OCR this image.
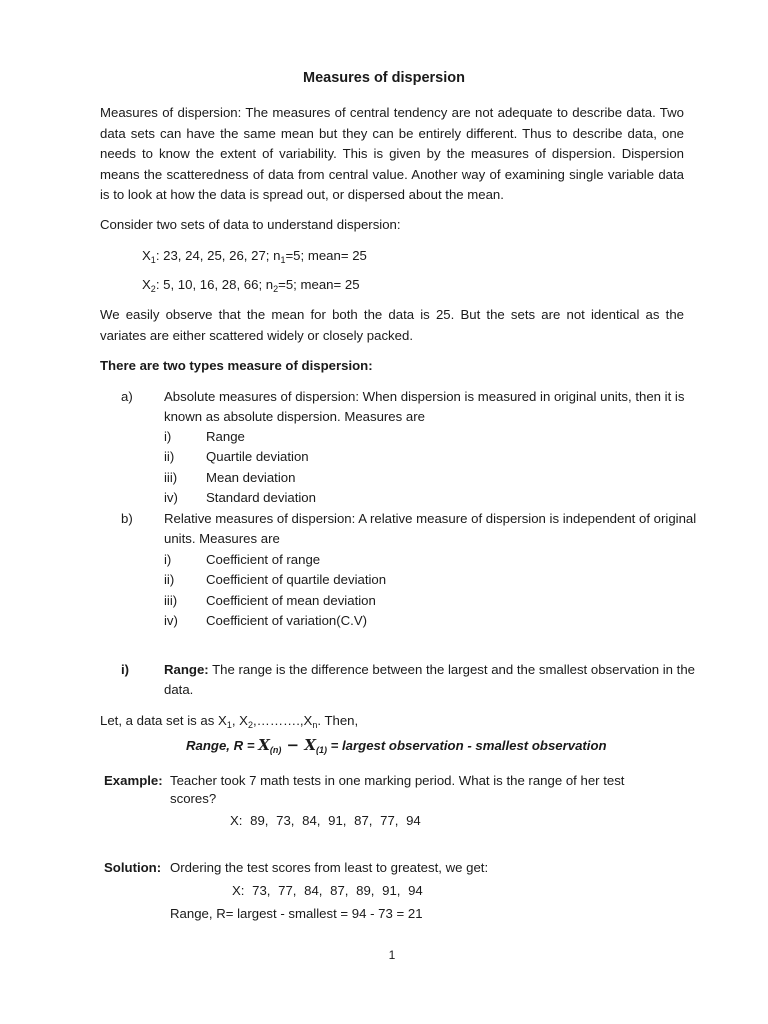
Measures of dispersion
Measures of dispersion: The measures of central tendency are not adequate to describe data. Two data sets can have the same mean but they can be entirely different. Thus to describe data, one needs to know the extent of variability. This is given by the measures of dispersion. Dispersion means the scatteredness of data from central value. Another way of examining single variable data is to look at how the data is spread out, or dispersed about the mean.
Consider two sets of data to understand dispersion:
$X_1$: 23, 24, 25, 26, 27; $n_1=5$; mean= 25
$X_2$: 5, 10, 16, 28, 66; $n_2=5$; mean= 25
We easily observe that the mean for both the data is 25. But the sets are not identical as the variates are either scattered widely or closely packed.
There are two types measure of dispersion:
a) Absolute measures of dispersion: When dispersion is measured in original units, then it is
known as absolute dispersion. Measures are
i)	Range
ii) Quartile deviation
iii) Mean deviation
iv) Standard deviation
b) Relative measures of dispersion: A relative measure of dispersion is independent of original
units. Measures are
i)	Coefficient of range
ii) Coefficient of quartile deviation
iii) Coefficient of mean deviation
iv) Coefficient of variation(C.V)
i)	Range: The range is the difference between the largest and the smallest observation in the
data.
Let, a data set is as $X_1$, $X_2,\dots\dots\dots.,X_n$. Then,
Range, $R = X_{(n)} - X_{(1)}$ = largest observation - smallest observation
Example: Teacher took 7 math tests in one marking period. What is the range of her test
scores?
X: 89, 73, 84, 91, 87, 77, 94
Solution: Ordering the test scores from least to greatest, we get:
X: 73, 77, 84, 87, 89, 91, 94
Range, R= largest - smallest = 94 - 73 = 21
1
